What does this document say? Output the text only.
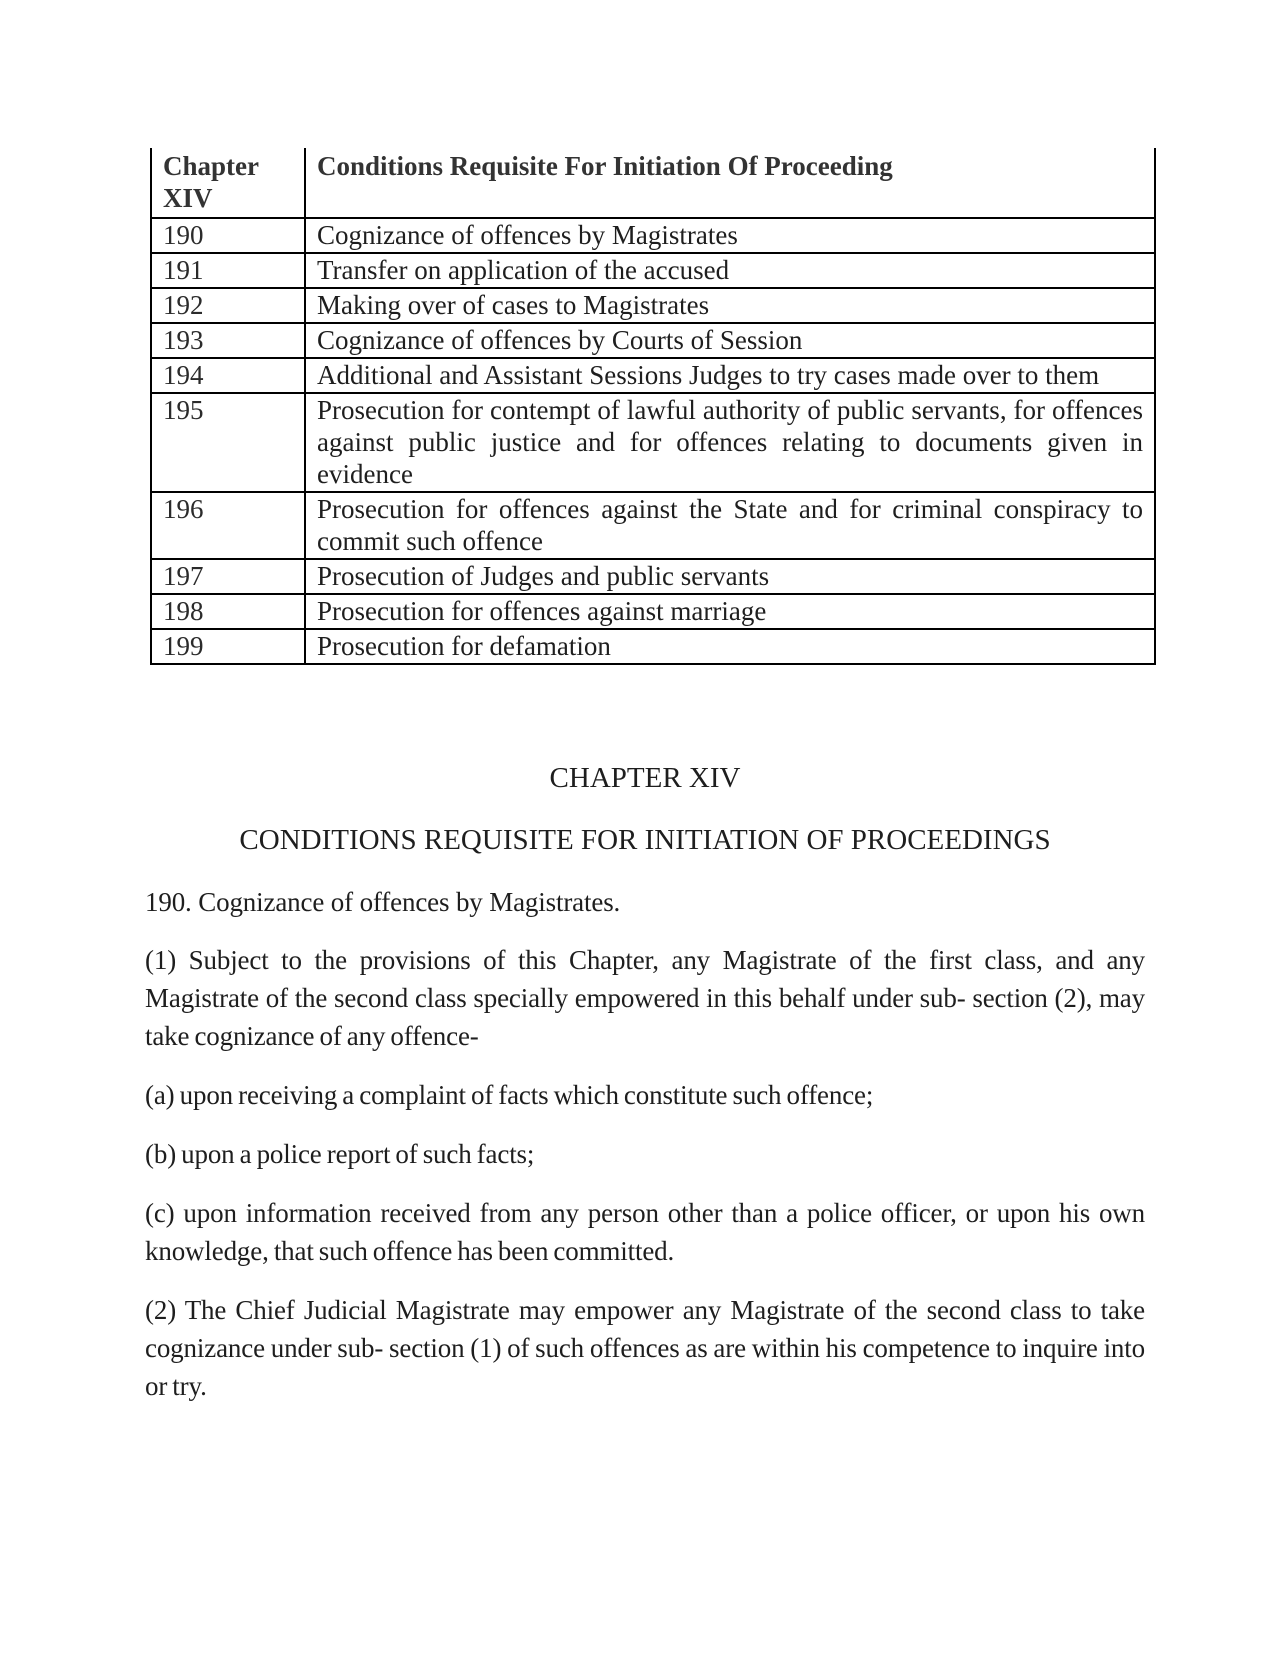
Chapter XIV	Conditions Requisite For Initiation Of Proceeding
190	Cognizance of offences by Magistrates
191	Transfer on application of the accused
192	Making over of cases to Magistrates
193	Cognizance of offences by Courts of Session
194	Additional and Assistant Sessions Judges to try cases made over to them
195	Prosecution for contempt of lawful authority of public servants, for offences against public justice and for offences relating to documents given in evidence
196	Prosecution for offences against the State and for criminal conspiracy to commit such offence
197	Prosecution of Judges and public servants
198	Prosecution for offences against marriage
199	Prosecution for defamation
CHAPTER XIV
CONDITIONS REQUISITE FOR INITIATION OF PROCEEDINGS

190. Cognizance of offences by Magistrates.

(1) Subject to the provisions of this Chapter, any Magistrate of the first class, and any Magistrate of the second class specially empowered in this behalf under sub- section (2), may take cognizance of any offence-

(a) upon receiving a complaint of facts which constitute such offence;

(b) upon a police report of such facts;

(c) upon information received from any person other than a police officer, or upon his own knowledge, that such offence has been committed.

(2) The Chief Judicial Magistrate may empower any Magistrate of the second class to take cognizance under sub- section (1) of such offences as are within his competence to inquire into or try.
